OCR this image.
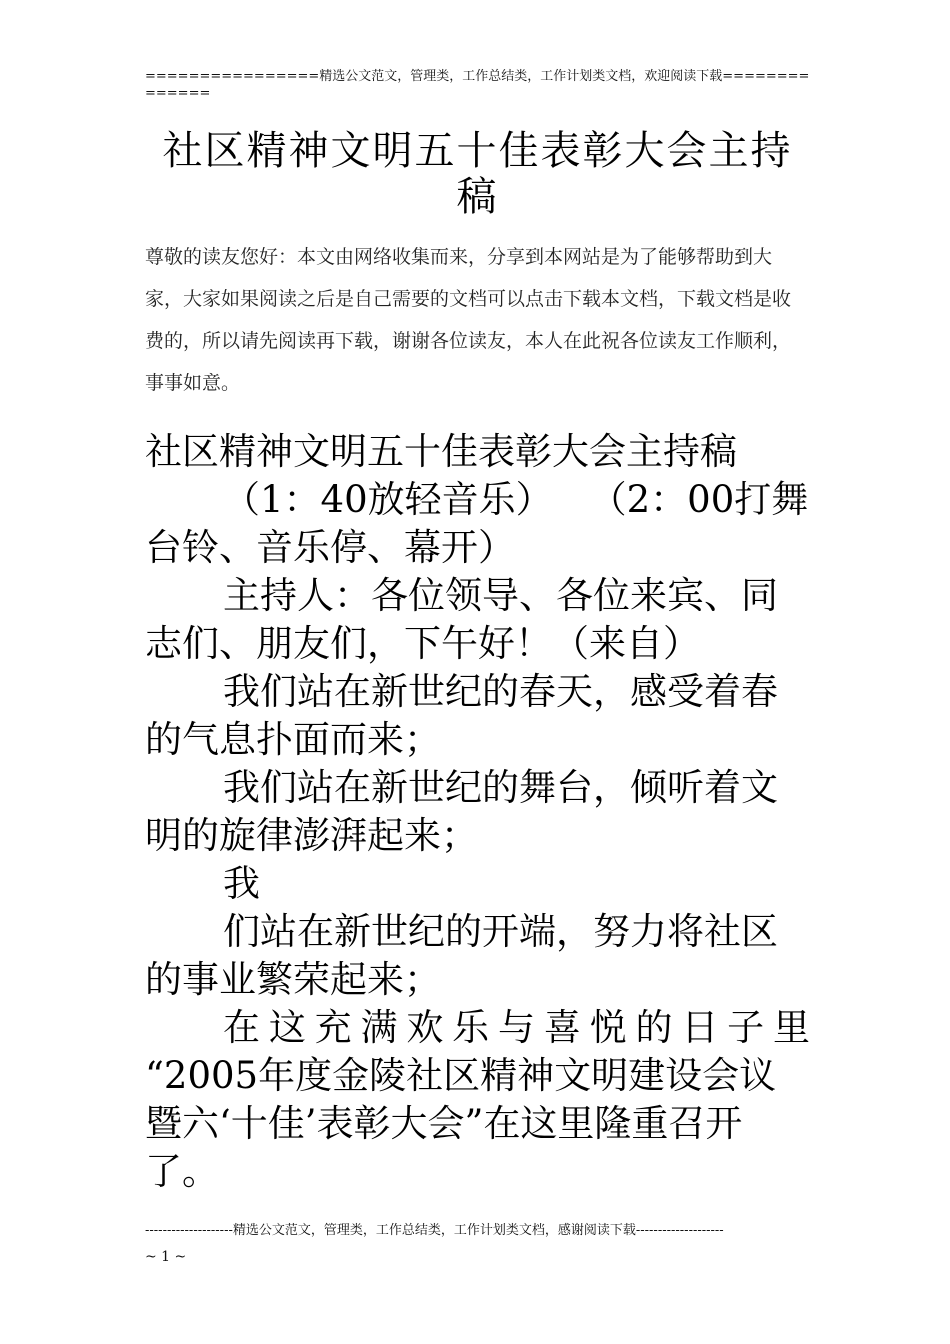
================精选公文范文，管理类，工作总结类，工作计划类文档，欢迎阅读下载==============
社区精神文明五十佳表彰大会主持稿
尊敬的读友您好：本文由网络收集而来，分享到本网站是为了能够帮助到大家，大家如果阅读之后是自己需要的文档可以点击下载本文档，下载文档是收费的，所以请先阅读再下载，谢谢各位读友，本人在此祝各位读友工作顺利，事事如意。

社区精神文明五十佳表彰大会主持稿

（1：40放轻音乐）　　（2：00打舞台铃、音乐停、幕开）

主持人：各位领导、各位来宾、同志们、朋友们，下午好！（来自）

我们站在新世纪的春天，感受着春的气息扑面而来；

我们站在新世纪的舞台，倾听着文明的旋律澎湃起来；

我

们站在新世纪的开端，努力将社区的事业繁荣起来；

在这充满欢乐与喜悦的日子里

“2005年度金陵社区精神文明建设会议暨六‘十佳’表彰大会”在这里隆重召开了。

--------------------精选公文范文，管理类，工作总结类，工作计划类文档，感谢阅读下载--------------------
~ 1 ~
